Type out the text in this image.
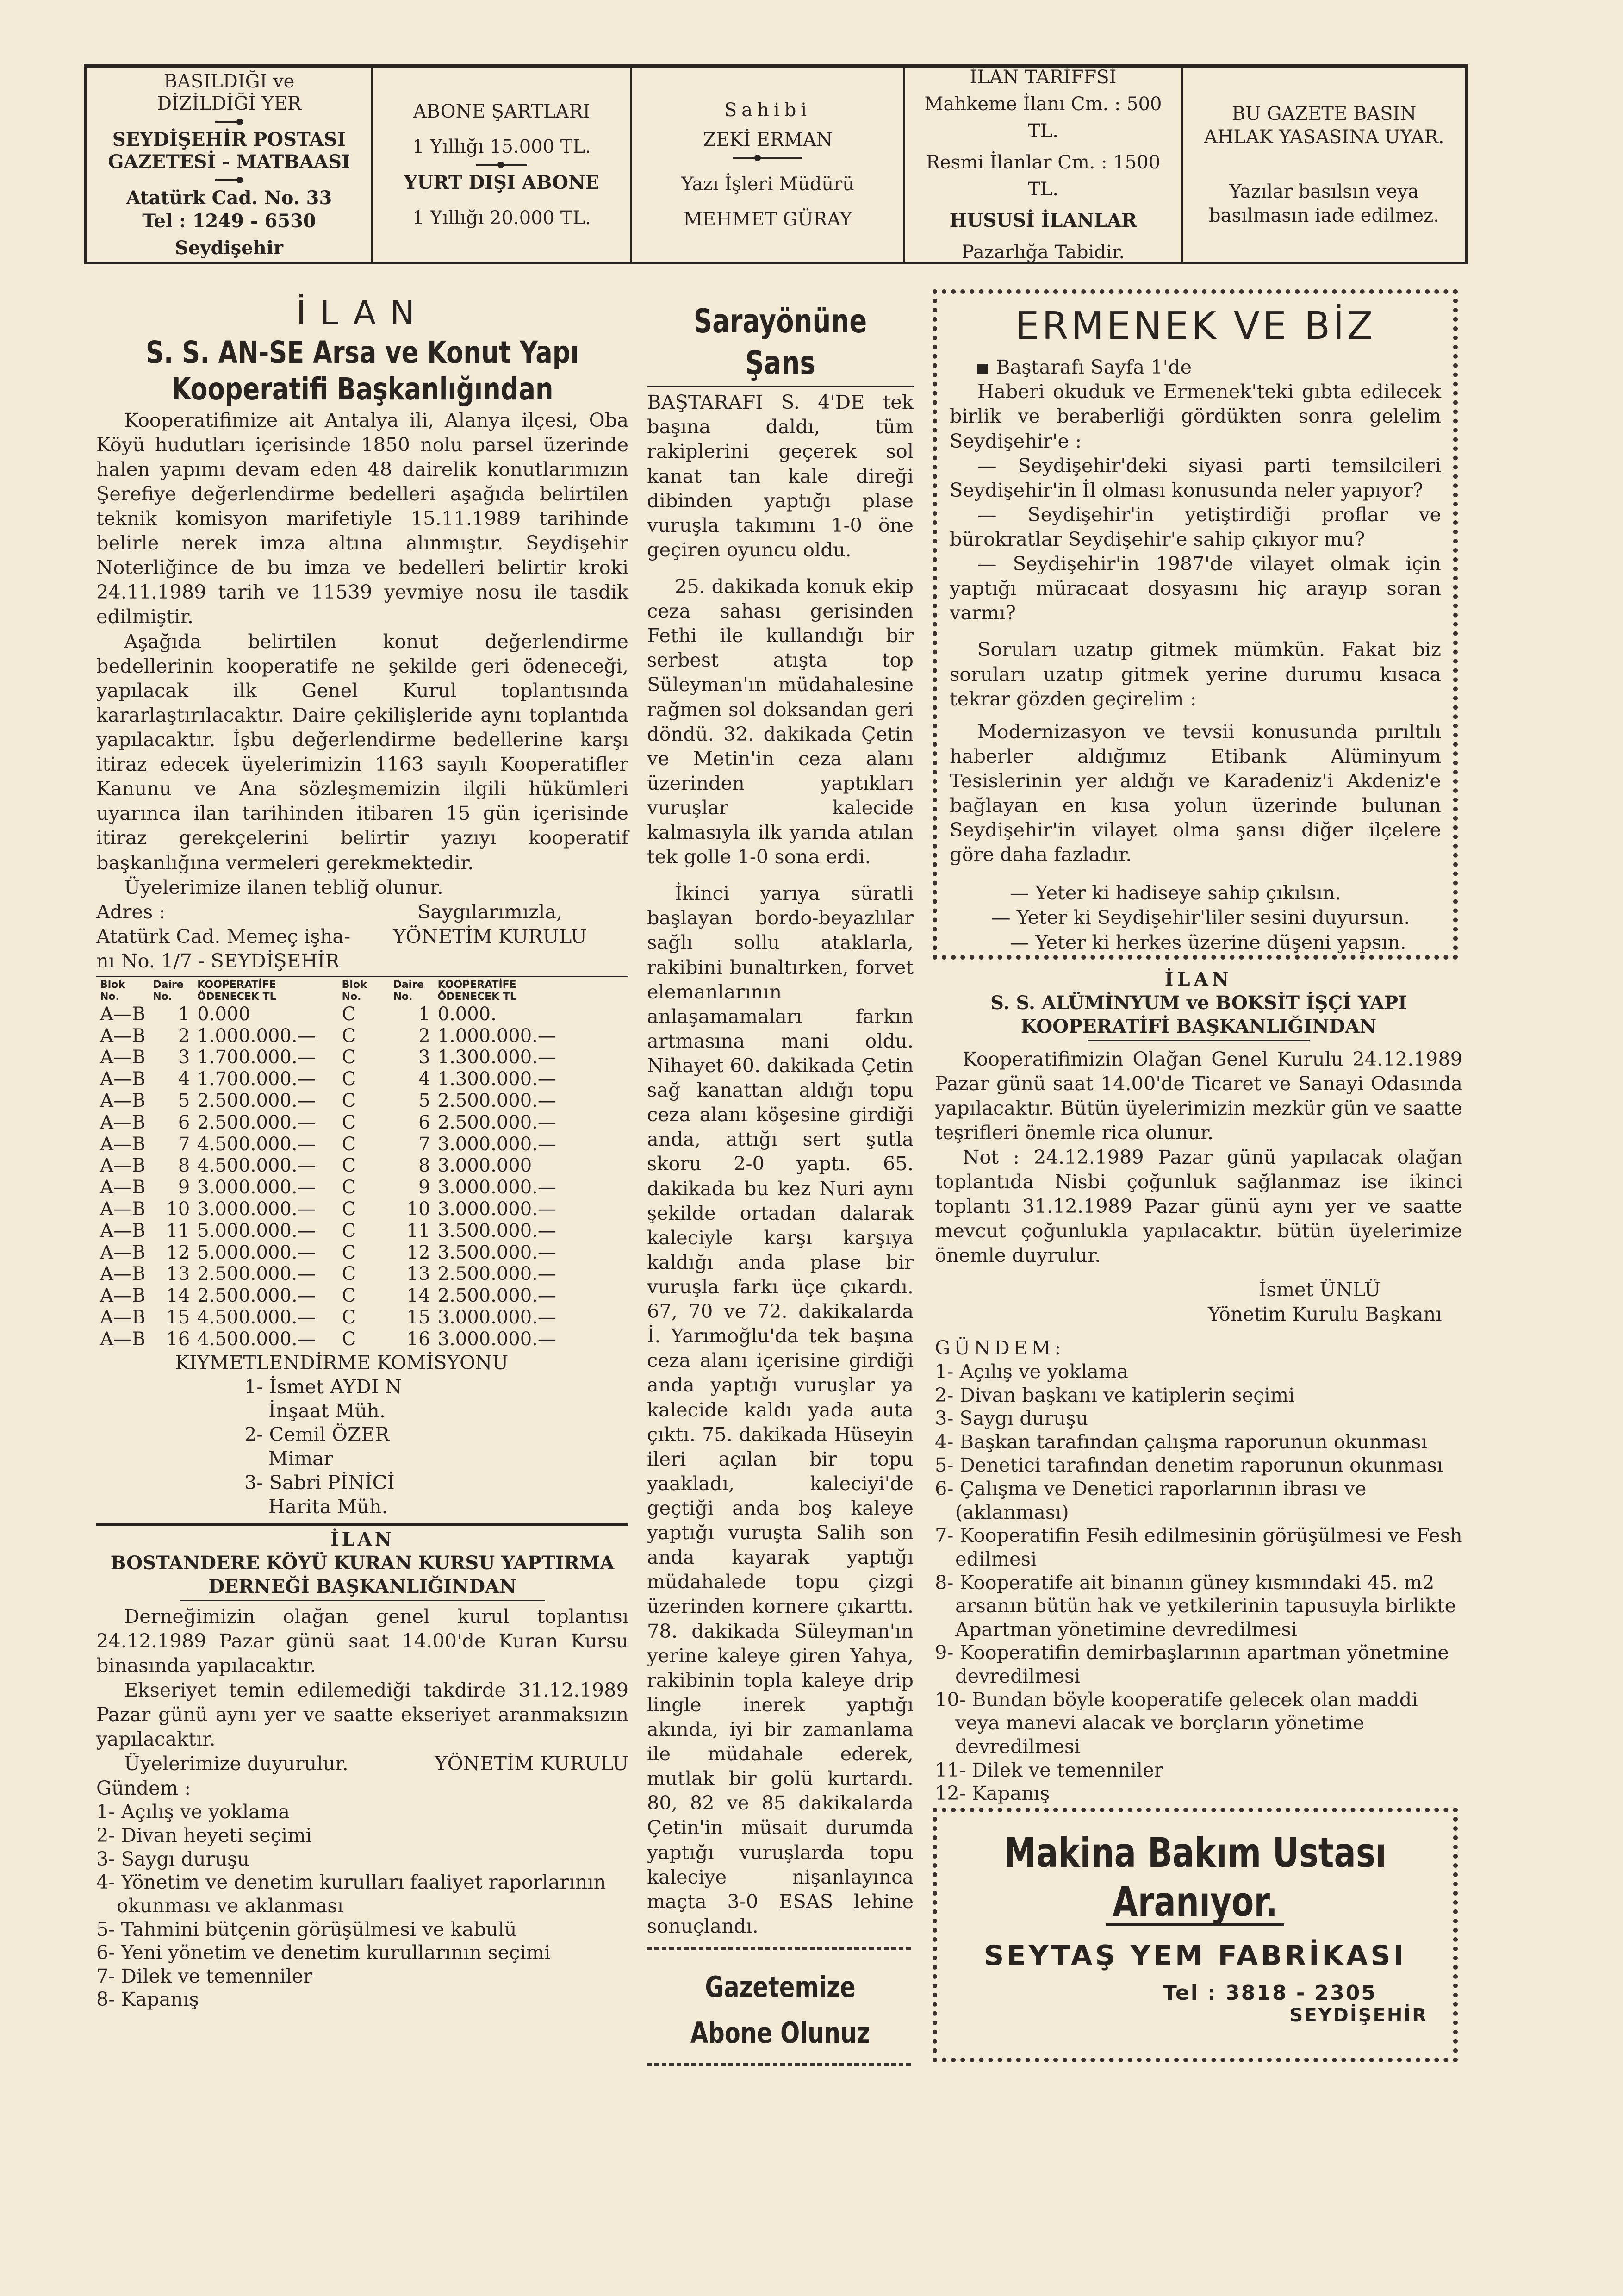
BASILDIĞI ve
DİZİLDİĞİ YER
SEYDİŞEHİR POSTASI
GAZETESİ - MATBAASI
Atatürk Cad. No. 33
Tel : 1249 - 6530 Seydişehir
ABONE ŞARTLARI
1 Yıllığı 15.000 TL.
YURT DIŞI ABONE
1 Yıllığı 20.000 TL.
Sahibi
ZEKİ ERMAN
Yazı İşleri Müdürü
MEHMET GÜRAY
İLAN TARİFFSİ
Mahkeme İlanı Cm. : 500 TL.
Resmi İlanlar Cm. : 1500 TL.
HUSUSİ İLANLAR
Pazarlığa Tabidir.
BU GAZETE BASIN
AHLAK YASASINA UYAR.
Yazılar basılsın veya
basılmasın iade edilmez.
İLAN
S. S. AN-SE Arsa ve Konut Yapı
Kooperatifi Başkanlığından

Kooperatifimize ait Antalya ili, Alanya ilçesi, Oba Köyü hudutları içerisinde 1850 nolu parsel üzerinde halen yapımı devam eden 48 dairelik konutlarımızın Şerefiye değerlendirme bedelleri aşağıda belirtilen teknik komisyon marifetiyle 15.11.1989 tarihinde belirle nerek imza altına alınmıştır. Seydişehir Noterliğince de bu imza ve bedelleri belirtir kroki 24.11.1989 tarih ve 11539 yevmiye nosu ile tasdik edilmiştir.

Aşağıda belirtilen konut değerlendirme bedellerinin kooperatife ne şekilde geri ödeneceği, yapılacak ilk Genel Kurul toplantısında kararlaştırılacaktır. Daire çekilişleride aynı toplantıda yapılacaktır. İşbu değerlendirme bedellerine karşı itiraz edecek üyelerimizin 1163 sayılı Kooperatifler Kanunu ve Ana sözleşmemizin ilgili hükümleri uyarınca ilan tarihinden itibaren 15 gün içerisinde itiraz gerekçelerini belirtir yazıyı kooperatif başkanlığına vermeleri gerekmektedir.

Üyelerimize ilanen tebliğ olunur.

Adres :
Atatürk Cad. Memeç işha-
nı No. 1/7 - SEYDİŞEHİR
Saygılarımızla,
YÖNETİM KURULU
Blok No.	Daire No.	KOOPERATİFE ÖDENECEK TL
A—B	1	0.000
A—B	2	1.000.000.—
A—B	3	1.700.000.—
A—B	4	1.700.000.—
A—B	5	2.500.000.—
A—B	6	2.500.000.—
A—B	7	4.500.000.—
A—B	8	4.500.000.—
A—B	9	3.000.000.—
A—B	10	3.000.000.—
A—B	11	5.000.000.—
A—B	12	5.000.000.—
A—B	13	2.500.000.—
A—B	14	2.500.000.—
A—B	15	4.500.000.—
A—B	16	4.500.000.—
Blok No.	Daire No.	KOOPERATİFE ÖDENECEK TL
C	1	0.000.
C	2	1.000.000.—
C	3	1.300.000.—
C	4	1.300.000.—
C	5	2.500.000.—
C	6	2.500.000.—
C	7	3.000.000.—
C	8	3.000.000
C	9	3.000.000.—
C	10	3.000.000.—
C	11	3.500.000.—
C	12	3.500.000.—
C	13	2.500.000.—
C	14	2.500.000.—
C	15	3.000.000.—
C	16	3.000.000.—
KIYMETLENDİRME KOMİSYONU
1- İsmet AYDI N
İnşaat Müh.
2- Cemil ÖZER
Mimar
3- Sabri PİNİCİ
Harita Müh.
İLAN
BOSTANDERE KÖYÜ KURAN KURSU YAPTIRMA
DERNEĞİ BAŞKANLIĞINDAN

Derneğimizin olağan genel kurul toplantısı 24.12.1989 Pazar günü saat 14.00'de Kuran Kursu binasında yapılacaktır.

Ekseriyet temin edilemediği takdirde 31.12.1989 Pazar günü aynı yer ve saatte ekseriyet aranmaksızın yapılacaktır.

Üyelerimize duyurulur.	YÖNETİM KURULU
Gündem :
1- Açılış ve yoklama
2- Divan heyeti seçimi
3- Saygı duruşu
4- Yönetim ve denetim kurulları faaliyet raporlarının okunması ve aklanması
5- Tahmini bütçenin görüşülmesi ve kabulü
6- Yeni yönetim ve denetim kurullarının seçimi
7- Dilek ve temenniler
8- Kapanış
Sarayönüne Şans

BAŞTARAFI S. 4'DE tek başına daldı, tüm rakiplerini geçerek sol kanat tan kale direği dibinden yaptığı plase vuruşla takımını 1-0 öne geçiren oyuncu oldu.

25. dakikada konuk ekip ceza sahası gerisinden Fethi ile kullandığı bir serbest atışta top Süleyman'ın müdahalesine rağmen sol doksandan geri döndü. 32. dakikada Çetin ve Metin'in ceza alanı üzerinden yaptıkları vuruşlar kalecide kalmasıyla ilk yarıda atılan tek golle 1-0 sona erdi.

İkinci yarıya süratli başlayan bordo-beyazlılar sağlı sollu ataklarla, rakibini bunaltırken, forvet elemanlarının anlaşamamaları farkın artmasına mani oldu. Nihayet 60. dakikada Çetin sağ kanattan aldığı topu ceza alanı köşesine girdiği anda, attığı sert şutla skoru 2-0 yaptı. 65. dakikada bu kez Nuri aynı şekilde ortadan dalarak kaleciyle karşı karşıya kaldığı anda plase bir vuruşla farkı üçe çıkardı. 67, 70 ve 72. dakikalarda İ. Yarımoğlu'da tek başına ceza alanı içerisine girdiği anda yaptığı vuruşlar ya kalecide kaldı yada auta çıktı. 75. dakikada Hüseyin ileri açılan bir topu yaakladı, kaleciyi'de geçtiği anda boş kaleye yaptığı vuruşta Salih son anda kayarak yaptığı müdahalede topu çizgi üzerinden kornere çıkarttı. 78. dakikada Süleyman'ın yerine kaleye giren Yahya, rakibinin topla kaleye drip lingle inerek yaptığı akında, iyi bir zamanlama ile müdahale ederek, mutlak bir golü kurtardı. 80, 82 ve 85 dakikalarda Çetin'in müsait durumda yaptığı vuruşlarda topu kaleciye nişanlayınca maçta 3-0 ESAS lehine sonuçlandı.

Gazetemize
Abone Olunuz
ERMENEK VE BİZ

Baştarafı Sayfa 1'de

Haberi okuduk ve Ermenek'teki gıbta edilecek birlik ve beraberliği gördükten sonra gelelim Seydişehir'e :

— Seydişehir'deki siyasi parti temsilcileri Seydişehir'in İl olması konusunda neler yapıyor?

— Seydişehir'in yetiştirdiği proflar ve bürokratlar Seydişehir'e sahip çıkıyor mu?

— Seydişehir'in 1987'de vilayet olmak için yaptığı müracaat dosyasını hiç arayıp soran varmı?

Soruları uzatıp gitmek mümkün. Fakat biz soruları uzatıp gitmek yerine durumu kısaca tekrar gözden geçirelim :

Modernizasyon ve tevsii konusunda pırıltılı haberler aldığımız Etibank Alüminyum Tesislerinin yer aldığı ve Karadeniz'i Akdeniz'e bağlayan en kısa yolun üzerinde bulunan Seydişehir'in vilayet olma şansı diğer ilçelere göre daha fazladır.

— Yeter ki hadiseye sahip çıkılsın.
— Yeter ki Seydişehir'liler sesini duyursun.
— Yeter ki herkes üzerine düşeni yapsın.
İLAN
S. S. ALÜMİNYUM ve BOKSİT İŞÇİ YAPI
KOOPERATİFİ BAŞKANLIĞINDAN

Kooperatifimizin Olağan Genel Kurulu 24.12.1989 Pazar günü saat 14.00'de Ticaret ve Sanayi Odasında yapılacaktır. Bütün üyelerimizin mezkür gün ve saatte teşrifleri önemle rica olunur.

Not : 24.12.1989 Pazar günü yapılacak olağan toplantıda Nisbi çoğunluk sağlanmaz ise ikinci toplantı 31.12.1989 Pazar günü aynı yer ve saatte mevcut çoğunlukla yapılacaktır. bütün üyelerimize önemle duyrulur.

İsmet ÜNLÜ
Yönetim Kurulu Başkanı
GÜNDEM:
1- Açılış ve yoklama
2- Divan başkanı ve katiplerin seçimi
3- Saygı duruşu
4- Başkan tarafından çalışma raporunun okunması
5- Denetici tarafından denetim raporunun okunması
6- Çalışma ve Denetici raporlarının ibrası ve (aklanması)
7- Kooperatifin Fesih edilmesinin görüşülmesi ve Fesh edilmesi
8- Kooperatife ait binanın güney kısmındaki 45. m2 arsanın bütün hak ve yetkilerinin tapusuyla birlikte Apartman yönetimine devredilmesi
9- Kooperatifin demirbaşlarının apartman yönetmine devredilmesi
10- Bundan böyle kooperatife gelecek olan maddi veya manevi alacak ve borçların yönetime devredilmesi
11- Dilek ve temenniler
12- Kapanış
Makina Bakım Ustası
Aranıyor.
SEYTAŞ YEM FABRİKASI
Tel : 3818 - 2305
SEYDİŞEHİR
